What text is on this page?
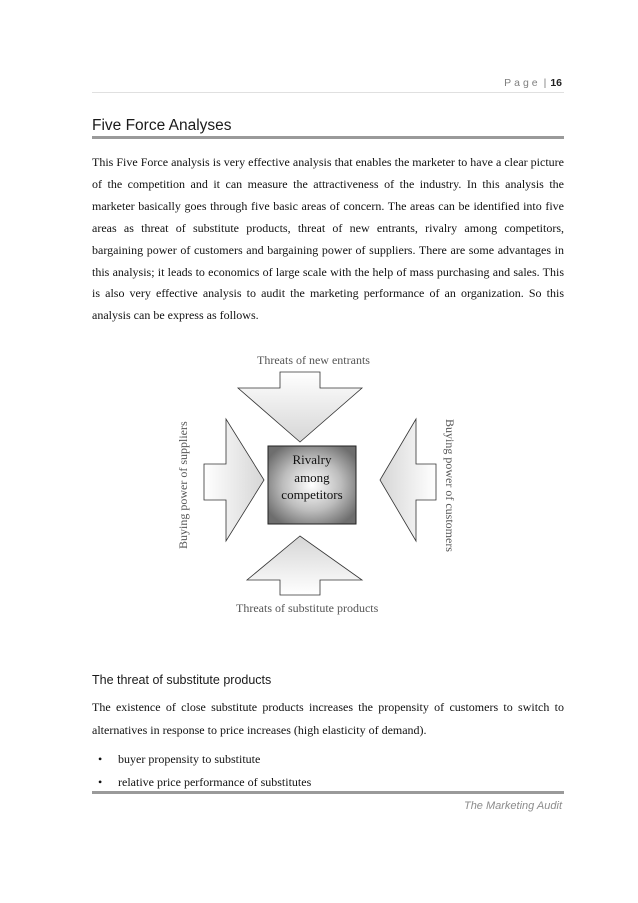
Page | 16
Five Force Analyses

This Five Force analysis is very effective analysis that enables the marketer to have a clear picture of the competition and it can measure the attractiveness of the industry. In this analysis the marketer basically goes through five basic areas of concern. The areas can be identified into five areas as threat of substitute products, threat of new entrants, rivalry among competitors, bargaining power of customers and bargaining power of suppliers. There are some advantages in this analysis; it leads to economics of large scale with the help of mass purchasing and sales. This is also very effective analysis to audit the marketing performance of an organization. So this analysis can be express as follows.

Threats of new entrants
Threats of substitute products
Buying power of suppliers	Buying power of customers
Rivalry
among
competitors
The threat of substitute products

The existence of close substitute products increases the propensity of customers to switch to alternatives in response to price increases (high elasticity of demand).

• buyer propensity to substitute
• relative price performance of substitutes
The Marketing Audit
